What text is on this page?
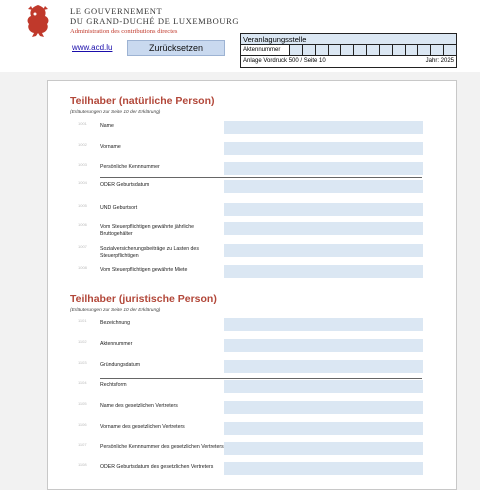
LE GOUVERNEMENT
DU GRAND-DUCHÉ DE LUXEMBOURG
Administration des contributions directes
www.acd.lu	Zurücksetzen
Veranlagungsstelle
Aktennummer
Anlage Vordruck 500 / Seite 10	Jahr: 2025
Teilhaber (natürliche Person)
(Erläuterungen zur Seite 10 der Erklärung)
Teilhaber (juristische Person)
(Erläuterungen zur Seite 10 der Erklärung)
1001	Name
1002	Vorname
1003	Persönliche Kennnummer
1004	ODER Geburtsdatum
1005	UND Geburtsort
1006	Vom Steuerpflichtigen gewährte jährliche Bruttogehälter
1007	Sozialversicherungsbeiträge zu Lasten des Steuerpflichtigen
1008	Vom Steuerpflichtigen gewährte Miete
1101	Bezeichnung
1102	Aktennummer
1103	Gründungsdatum
1104	Rechtsform
1105	Name des gesetzlichen Vertreters
1106	Vorname des gesetzlichen Vertreters
1107	Persönliche Kennnummer des gesetzlichen Vertreters
1108	ODER Geburtsdatum des gesetzlichen Vertreters
